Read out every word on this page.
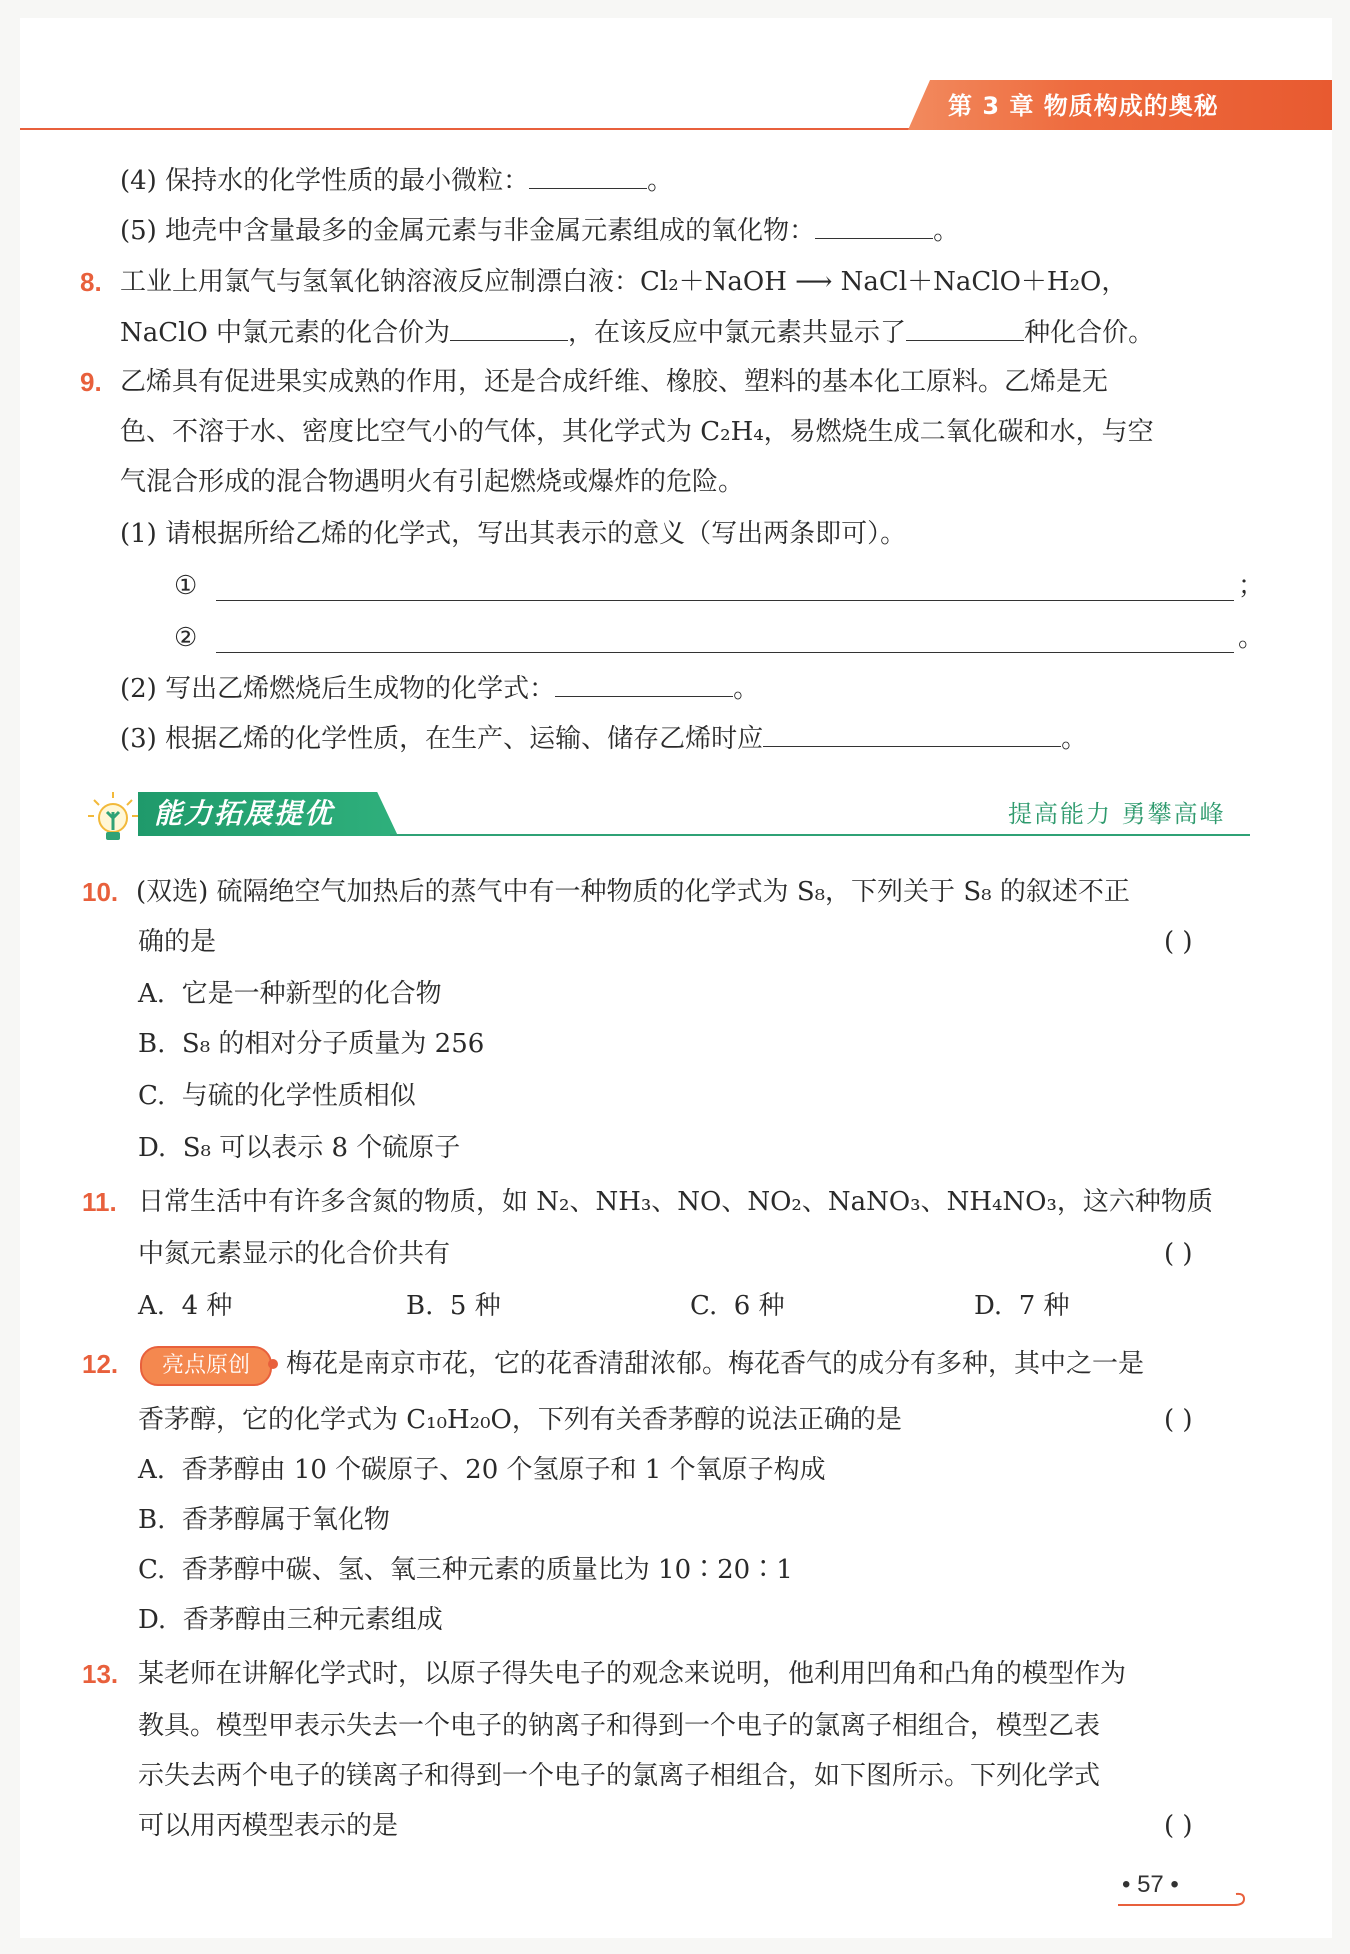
第 3 章 物质构成的奥秘
(4) 保持水的化学性质的最小微粒：	。
(5) 地壳中含量最多的金属元素与非金属元素组成的氧化物：	。
8. 工业上用氯气与氢氧化钠溶液反应制漂白液：Cl₂＋NaOH ⟶ NaCl＋NaClO＋H₂O，
NaClO 中氯元素的化合价为	，在该反应中氯元素共显示了	种化合价。
9. 乙烯具有促进果实成熟的作用，还是合成纤维、橡胶、塑料的基本化工原料。乙烯是无
色、不溶于水、密度比空气小的气体，其化学式为 C₂H₄，易燃烧生成二氧化碳和水，与空
气混合形成的混合物遇明火有引起燃烧或爆炸的危险。
(1) 请根据所给乙烯的化学式，写出其表示的意义（写出两条即可）。
①	；
②	。
(2) 写出乙烯燃烧后生成物的化学式：	。
(3) 根据乙烯的化学性质，在生产、运输、储存乙烯时应	。
能力拓展提优	提高能力 勇攀高峰
10. (双选) 硫隔绝空气加热后的蒸气中有一种物质的化学式为 S₈，下列关于 S₈ 的叙述不正
确的是	( )
A.  它是一种新型的化合物
B.  S₈ 的相对分子质量为 256
C.  与硫的化学性质相似
D.  S₈ 可以表示 8 个硫原子
11. 日常生活中有许多含氮的物质，如 N₂、NH₃、NO、NO₂、NaNO₃、NH₄NO₃，这六种物质
中氮元素显示的化合价共有	( )
A.  4 种	B.  5 种	C.  6 种	D.  7 种
12.	亮点原创	梅花是南京市花，它的花香清甜浓郁。梅花香气的成分有多种，其中之一是
香茅醇，它的化学式为 C₁₀H₂₀O，下列有关香茅醇的说法正确的是	( )
A.  香茅醇由 10 个碳原子、20 个氢原子和 1 个氧原子构成
B.  香茅醇属于氧化物
C.  香茅醇中碳、氢、氧三种元素的质量比为 10∶20∶1
D.  香茅醇由三种元素组成
13. 某老师在讲解化学式时，以原子得失电子的观念来说明，他利用凹角和凸角的模型作为
教具。模型甲表示失去一个电子的钠离子和得到一个电子的氯离子相组合，模型乙表
示失去两个电子的镁离子和得到一个电子的氯离子相组合，如下图所示。下列化学式
可以用丙模型表示的是	( )
• 57 •
